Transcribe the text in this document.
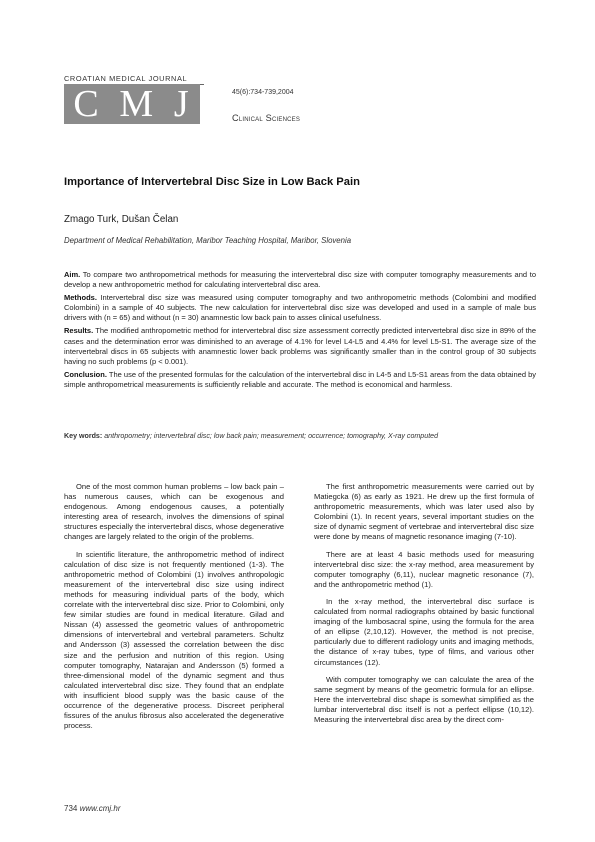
CROATIAN MEDICAL JOURNAL
C M J	45(6):734-739,2004
Clinical Sciences
Importance of Intervertebral Disc Size in Low Back Pain
Zmago Turk, Dušan Čelan
Department of Medical Rehabilitation, Maribor Teaching Hospital, Maribor, Slovenia

Aim. To compare two anthropometrical methods for measuring the intervertebral disc size with computer tomography measurements and to develop a new anthropometric method for calculating intervertebral disc area.

Methods. Intervertebral disc size was measured using computer tomography and two anthropometric methods (Colombini and modified Colombini) in a sample of 40 subjects. The new calculation for intervertebral disc size was developed and used in a sample of male bus drivers with (n = 65) and without (n = 30) anamnestic low back pain to asses clinical usefulness.

Results. The modified anthropometric method for intervertebral disc size assessment correctly predicted intervertebral disc size in 89% of the cases and the determination error was diminished to an average of 4.1% for level L4-L5 and 4.4% for level L5-S1. The average size of the intervertebral discs in 65 subjects with anamnestic lower back problems was significantly smaller than in the control group of 30 subjects having no such problems (p < 0.001).

Conclusion. The use of the presented formulas for the calculation of the intervertebral disc in L4-5 and L5-S1 areas from the data obtained by simple anthropometrical measurements is sufficiently reliable and accurate. The method is economical and harmless.

Key words: anthropometry; intervertebral disc; low back pain; measurement; occurrence; tomography, X-ray computed

One of the most common human problems – low back pain – has numerous causes, which can be exogenous and endogenous. Among endogenous causes, a potentially interesting area of research, involves the dimensions of spinal structures especially the intervertebral discs, whose degenerative changes are largely related to the origin of the problems.

In scientific literature, the anthropometric method of indirect calculation of disc size is not frequently mentioned (1-3). The anthropometric method of Colombini (1) involves anthropologic measurement of the intervertebral disc size using indirect methods for measuring individual parts of the body, which correlate with the intervertebral disc size. Prior to Colombini, only few similar studies are found in medical literature. Gilad and Nissan (4) assessed the geometric values of anthropometric dimensions of intervertebral and vertebral parameters. Schultz and Andersson (3) assessed the correlation between the disc size and the perfusion and nutrition of this region. Using computer tomography, Natarajan and Andersson (5) formed a three-dimensional model of the dynamic segment and thus calculated intervertebral disc size. They found that an endplate with insufficient blood supply was the basic cause of the occurrence of the degenerative process. Discreet peripheral fissures of the anulus fibrosus also accelerated the degenerative process.

The first anthropometric measurements were carried out by Matiegcka (6) as early as 1921. He drew up the first formula of anthropometric measurements, which was later used also by Colombini (1). In recent years, several important studies on the size of dynamic segment of vertebrae and intervertebral disc size were done by means of magnetic resonance imaging (7-10).

There are at least 4 basic methods used for measuring intervertebral disc size: the x-ray method, area measurement by computer tomography (6,11), nuclear magnetic resonance (7), and the anthropometric method (1).

In the x-ray method, the intervertebral disc surface is calculated from normal radiographs obtained by basic functional imaging of the lumbosacral spine, using the formula for the area of an ellipse (2,10,12). However, the method is not precise, particularly due to different radiology units and imaging methods, the distance of x-ray tubes, type of films, and various other circumstances (12).

With computer tomography we can calculate the area of the same segment by means of the geometric formula for an ellipse. Here the intervertebral disc shape is somewhat simplified as the lumbar intervertebral disc itself is not a perfect ellipse (10,12). Measuring the intervertebral disc area by the direct com-

734 www.cmj.hr
